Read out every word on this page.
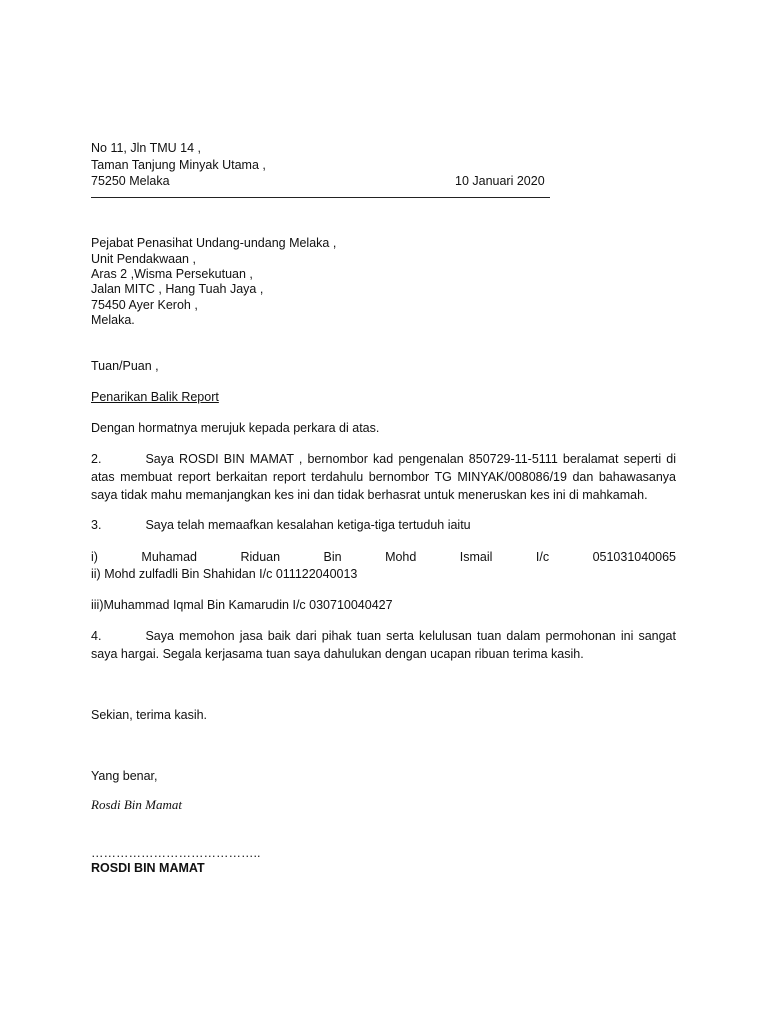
No 11, Jln TMU 14 ,
Taman Tanjung Minyak Utama ,
75250 Melaka	10 Januari 2020
Pejabat Penasihat Undang-undang Melaka ,
Unit Pendakwaan ,
Aras 2 ,Wisma Persekutuan ,
Jalan MITC , Hang Tuah Jaya ,
75450 Ayer Keroh ,
Melaka.
Tuan/Puan ,
Penarikan Balik Report
Dengan hormatnya merujuk kepada perkara di atas.
2.	Saya ROSDI BIN MAMAT , bernombor kad pengenalan 850729-11-5111 beralamat seperti di atas membuat report berkaitan report terdahulu bernombor TG MINYAK/008086/19 dan bahawasanya saya tidak mahu memanjangkan kes ini dan tidak berhasrat untuk meneruskan kes ini di mahkamah.
3.	Saya telah memaafkan kesalahan ketiga-tiga tertuduh iaitu
i)	Muhamad	Riduan	Bin	Mohd	Ismail	I/c	051031040065
ii) Mohd zulfadli Bin Shahidan I/c 011122040013
iii)Muhammad Iqmal Bin Kamarudin I/c 030710040427
4.	Saya memohon jasa baik dari pihak tuan serta kelulusan tuan dalam permohonan ini sangat saya hargai. Segala kerjasama tuan saya dahulukan dengan ucapan ribuan terima kasih.
Sekian, terima kasih.
Yang benar,
Rosdi Bin Mamat
…………………………………..
ROSDI BIN MAMAT
